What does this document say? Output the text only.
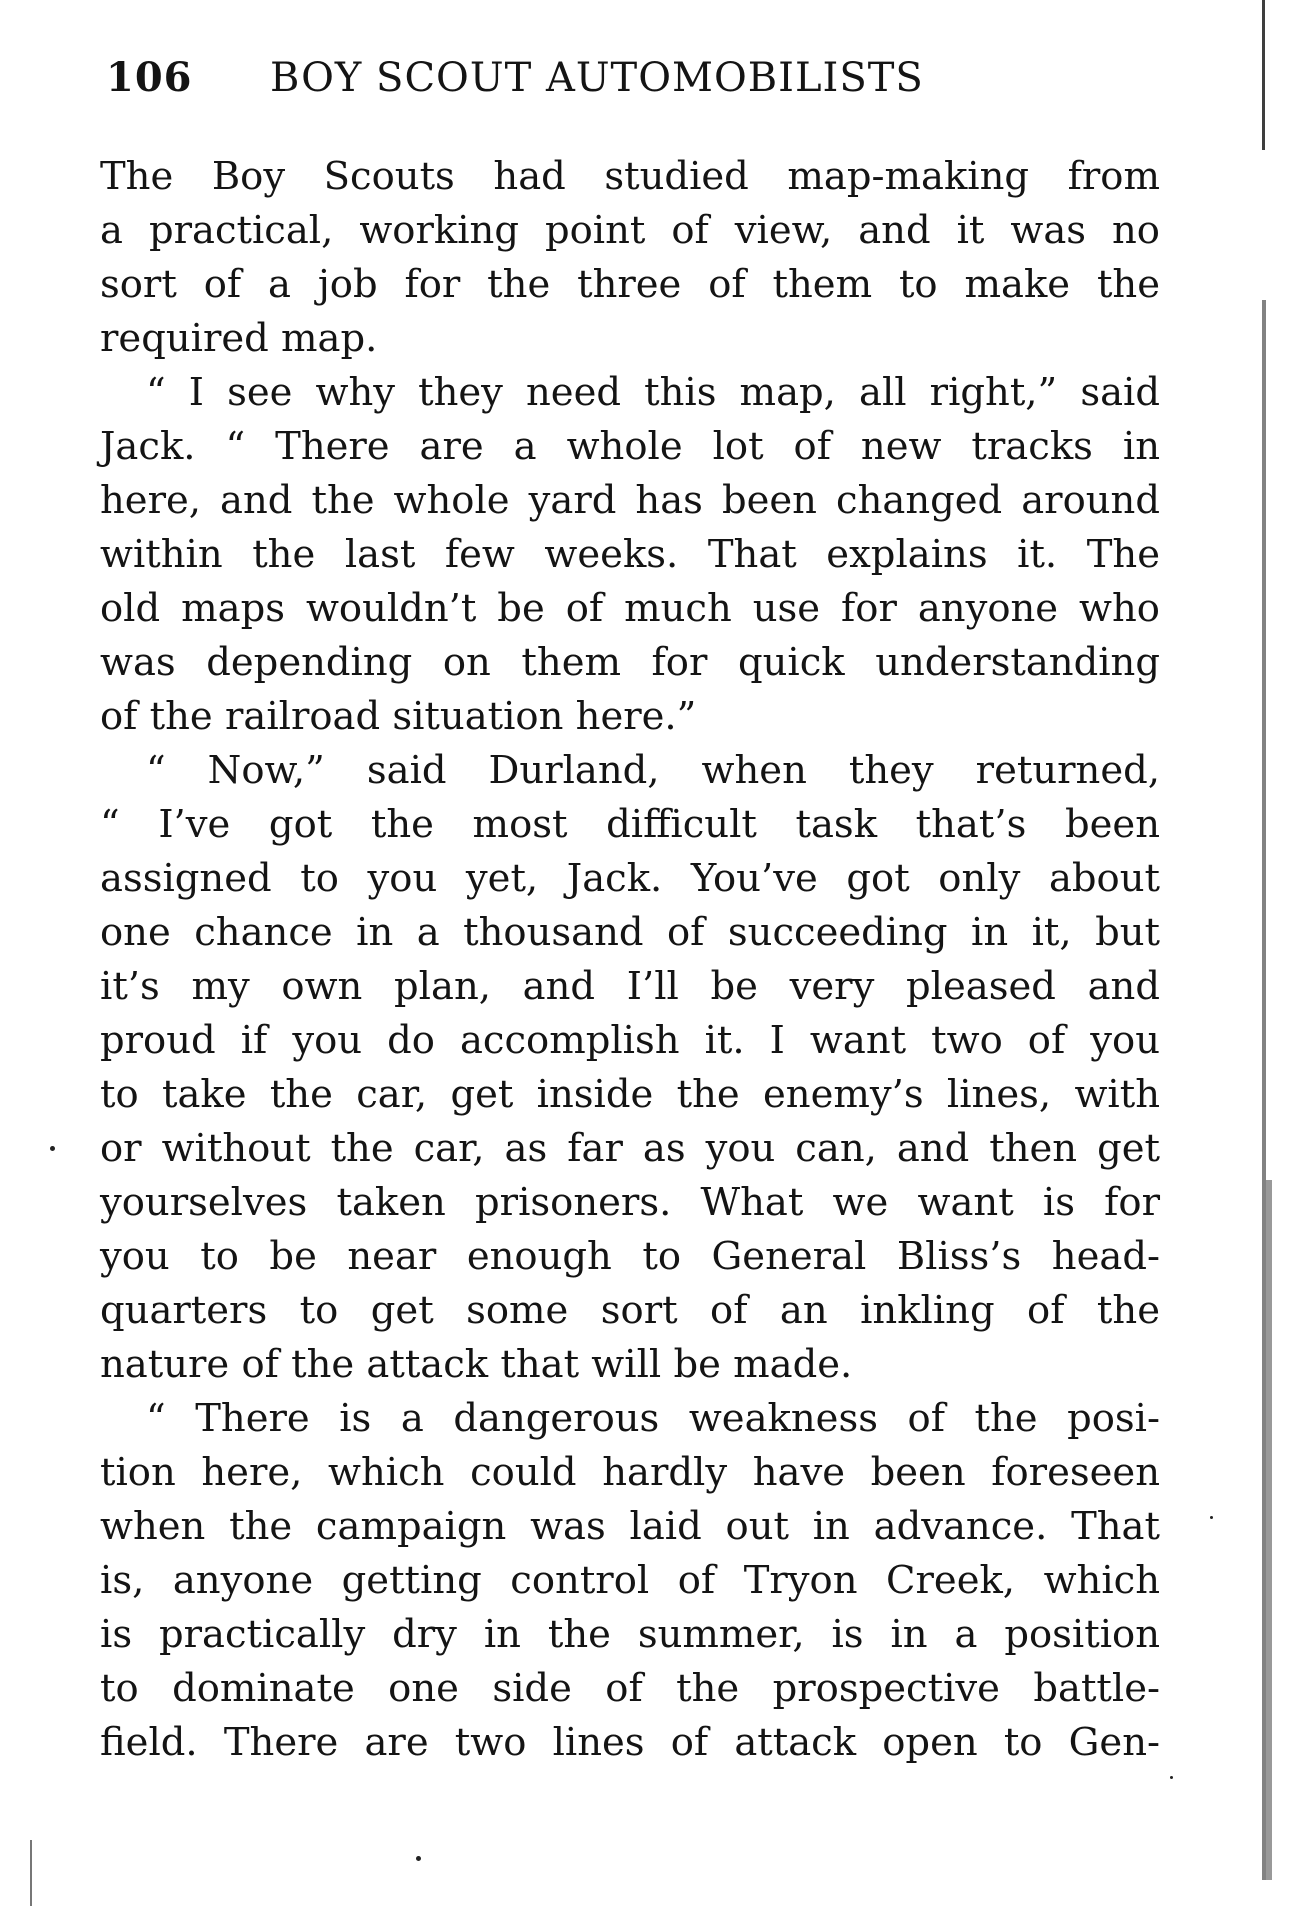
106 BOY SCOUT AUTOMOBILISTS
The Boy Scouts had studied map-making from
a practical, working point of view, and it was no
sort of a job for the three of them to make the
required map.
“ I see why they need this map, all right,” said
Jack. “ There are a whole lot of new tracks in
here, and the whole yard has been changed around
within the last few weeks. That explains it. The
old maps wouldn’t be of much use for anyone who
was depending on them for quick understanding
of the railroad situation here.”
“ Now,” said Durland, when they returned,
“ I’ve got the most difficult task that’s been
assigned to you yet, Jack. You’ve got only about
one chance in a thousand of succeeding in it, but
it’s my own plan, and I’ll be very pleased and
proud if you do accomplish it. I want two of you
to take the car, get inside the enemy’s lines, with
or without the car, as far as you can, and then get
yourselves taken prisoners. What we want is for
you to be near enough to General Bliss’s head-
quarters to get some sort of an inkling of the
nature of the attack that will be made.
“ There is a dangerous weakness of the posi-
tion here, which could hardly have been foreseen
when the campaign was laid out in advance. That
is, anyone getting control of Tryon Creek, which
is practically dry in the summer, is in a position
to dominate one side of the prospective battle-
field. There are two lines of attack open to Gen-
